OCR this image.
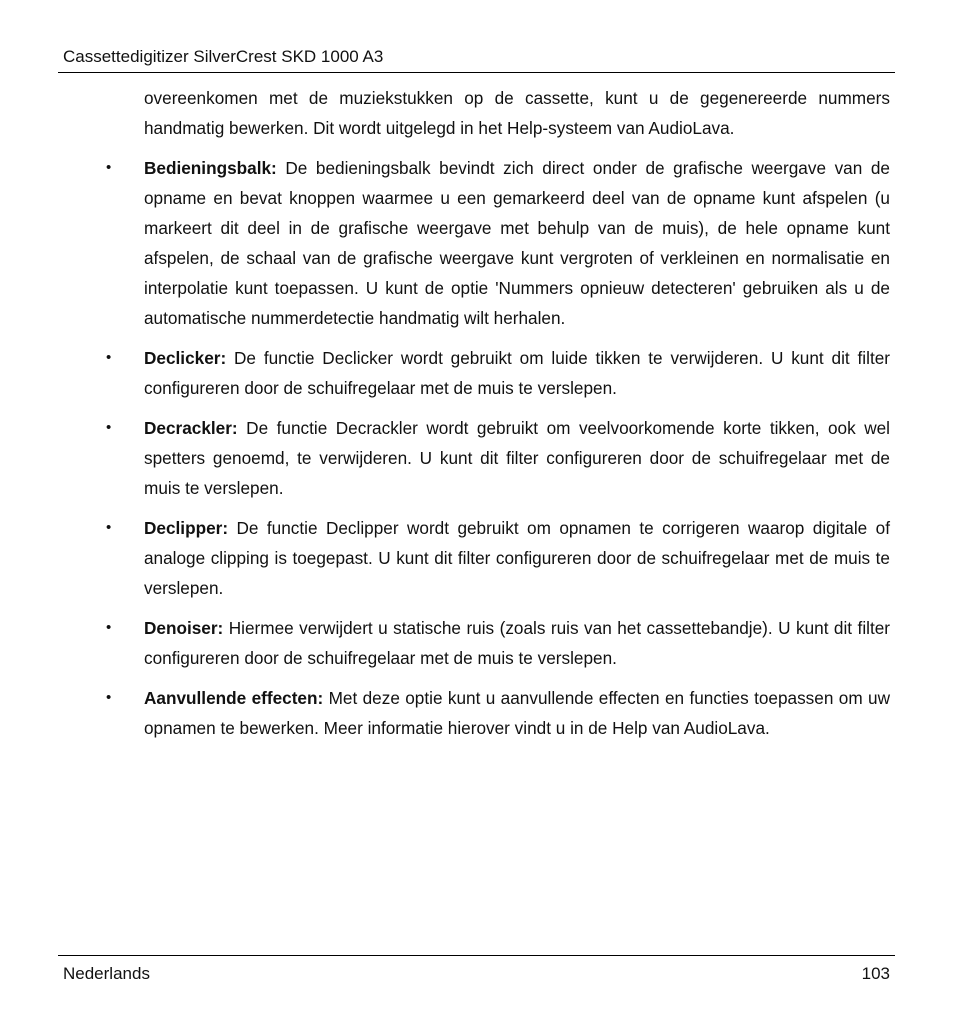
Cassettedigitizer SilverCrest SKD 1000 A3

overeenkomen met de muziekstukken op de cassette, kunt u de gegenereerde nummers handmatig bewerken. Dit wordt uitgelegd in het Help-systeem van AudioLava.

• Bedieningsbalk: De bedieningsbalk bevindt zich direct onder de grafische weergave van de opname en bevat knoppen waarmee u een gemarkeerd deel van de opname kunt afspelen (u markeert dit deel in de grafische weergave met behulp van de muis), de hele opname kunt afspelen, de schaal van de grafische weergave kunt vergroten of verkleinen en normalisatie en interpolatie kunt toepassen. U kunt de optie 'Nummers opnieuw detecteren' gebruiken als u de automatische nummerdetectie handmatig wilt herhalen.
• Declicker: De functie Declicker wordt gebruikt om luide tikken te verwijderen. U kunt dit filter configureren door de schuifregelaar met de muis te verslepen.
• Decrackler: De functie Decrackler wordt gebruikt om veelvoorkomende korte tikken, ook wel spetters genoemd, te verwijderen. U kunt dit filter configureren door de schuifregelaar met de muis te verslepen.
• Declipper: De functie Declipper wordt gebruikt om opnamen te corrigeren waarop digitale of analoge clipping is toegepast. U kunt dit filter configureren door de schuifregelaar met de muis te verslepen.
• Denoiser: Hiermee verwijdert u statische ruis (zoals ruis van het cassettebandje). U kunt dit filter configureren door de schuifregelaar met de muis te verslepen.
• Aanvullende effecten: Met deze optie kunt u aanvullende effecten en functies toepassen om uw opnamen te bewerken. Meer informatie hierover vindt u in de Help van AudioLava.
Nederlands	103
